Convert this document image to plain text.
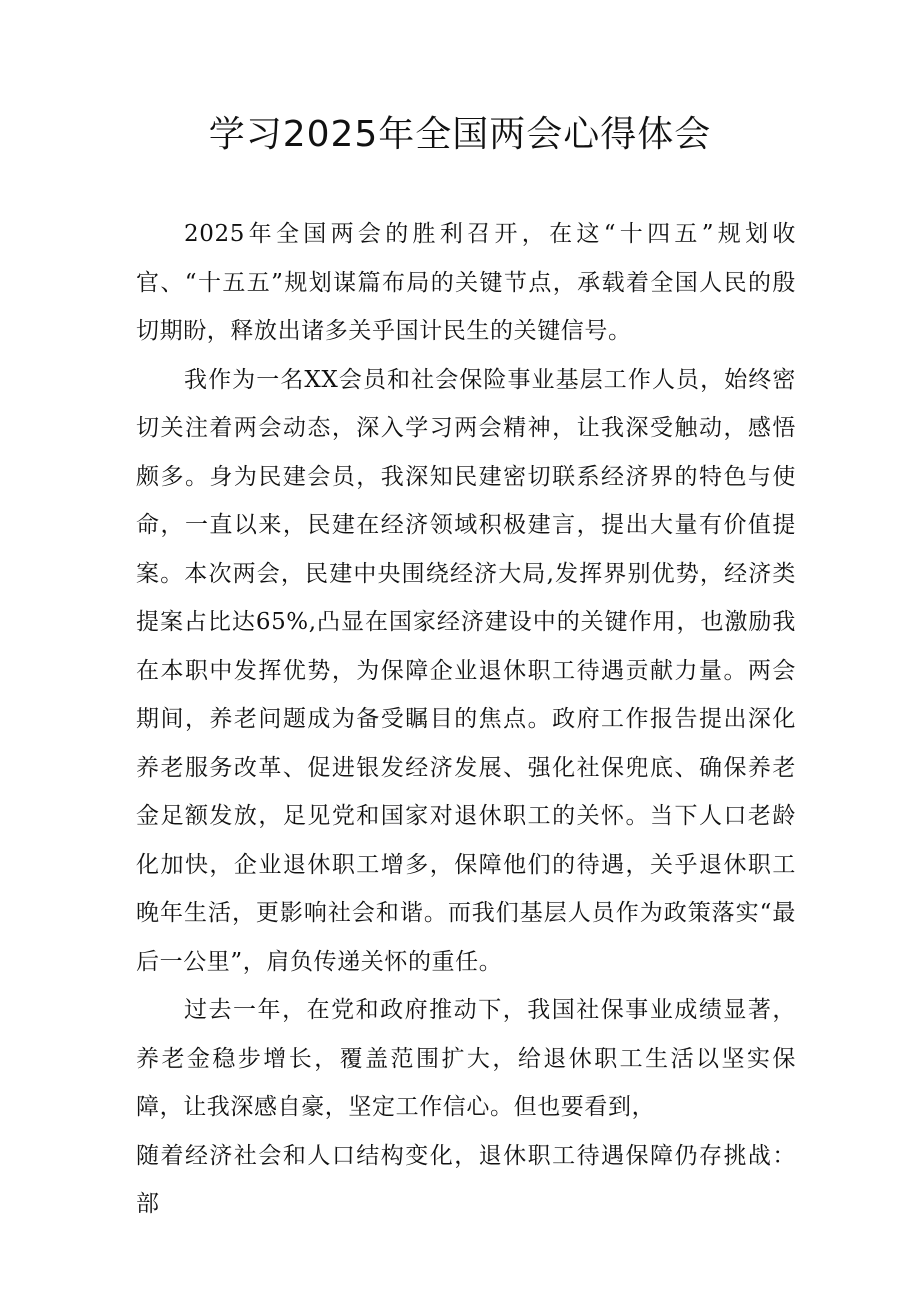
学习2025年全国两会心得体会

2025年全国两会的胜利召开，在这“十四五”规划收官、“十五五”规划谋篇布局的关键节点，承载着全国人民的殷切期盼，释放出诸多关乎国计民生的关键信号。

我作为一名XX会员和社会保险事业基层工作人员，始终密切关注着两会动态，深入学习两会精神，让我深受触动，感悟颇多。身为民建会员，我深知民建密切联系经济界的特色与使命，一直以来，民建在经济领域积极建言，提出大量有价值提案。本次两会，民建中央围绕经济大局,发挥界别优势，经济类提案占比达65%,凸显在国家经济建设中的关键作用，也激励我在本职中发挥优势，为保障企业退休职工待遇贡献力量。两会期间，养老问题成为备受瞩目的焦点。政府工作报告提出深化养老服务改革、促进银发经济发展、强化社保兜底、确保养老金足额发放，足见党和国家对退休职工的关怀。当下人口老龄化加快，企业退休职工增多，保障他们的待遇，关乎退休职工晚年生活，更影响社会和谐。而我们基层人员作为政策落实“最后一公里”，肩负传递关怀的重任。

过去一年，在党和政府推动下，我国社保事业成绩显著，养老金稳步增长，覆盖范围扩大，给退休职工生活以坚实保障，让我深感自豪，坚定工作信心。但也要看到，

随着经济社会和人口结构变化，退休职工待遇保障仍存挑战：部
